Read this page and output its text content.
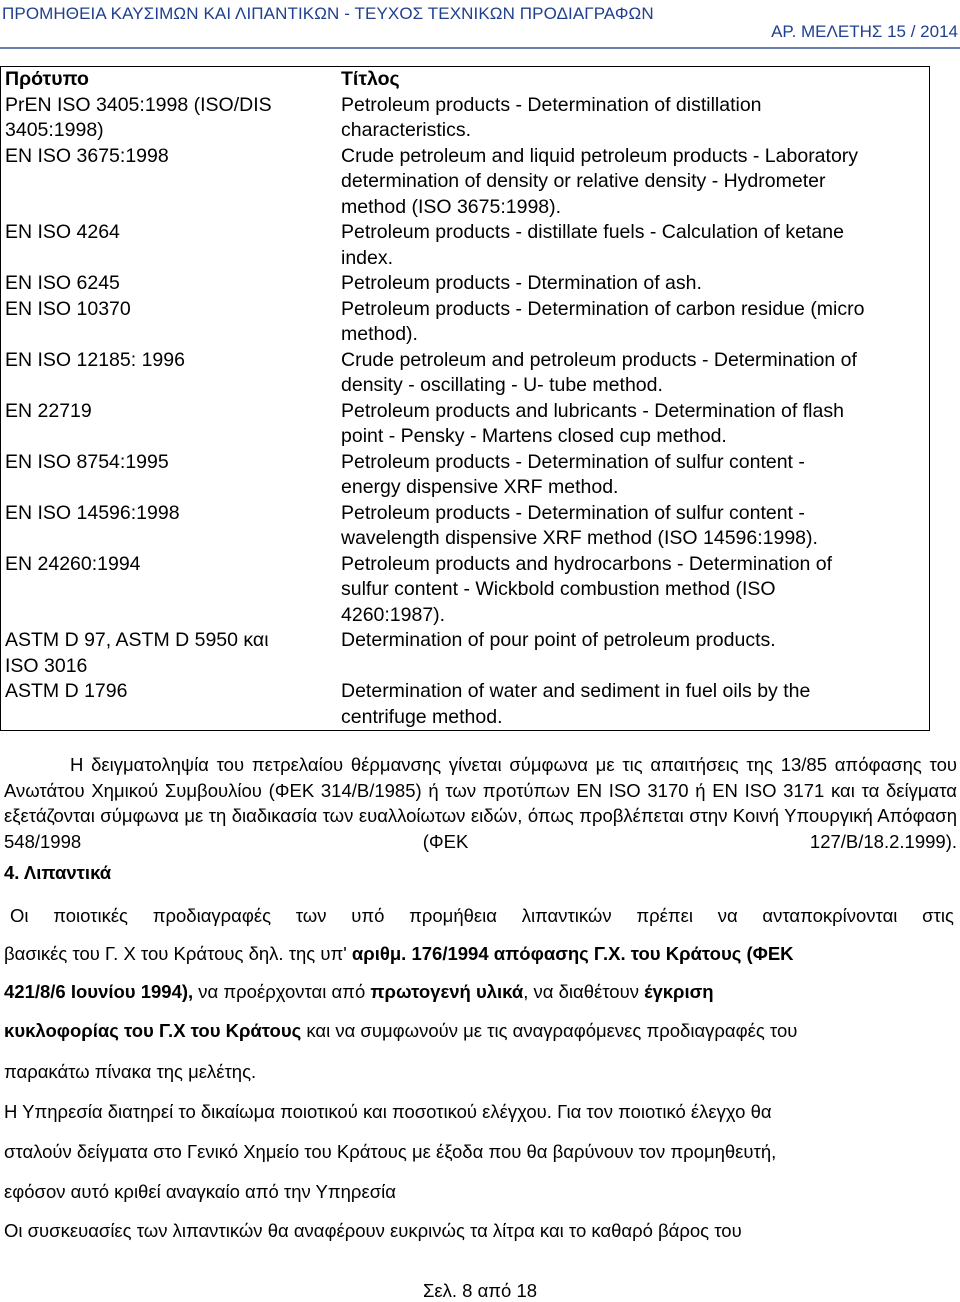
ΠΡΟΜΗΘΕΙΑ ΚΑΥΣΙΜΩΝ ΚΑΙ ΛΙΠΑΝΤΙΚΩΝ - ΤΕΥΧΟΣ ΤΕΧΝΙΚΩΝ ΠΡΟΔΙΑΓΡΑΦΩΝ
ΑΡ. ΜΕΛΕΤΗΣ 15 / 2014
Πρότυπο	Τίτλος
PrEN ISO 3405:1998 (ISO/DIS
3405:1998)	Petroleum products - Determination of distillation
characteristics.
EN ISO 3675:1998	Crude petroleum and liquid petroleum products - Laboratory
determination of density or relative density - Hydrometer
method (ISO 3675:1998).
EN ISO 4264	Petroleum products - distillate fuels - Calculation of ketane
index.
EN ISO 6245	Petroleum products - Dtermination of ash.
EN ISO 10370	Petroleum products - Determination of carbon residue (micro
method).
EN ISO 12185: 1996	Crude petroleum and petroleum products - Determination of
density - oscillating - U- tube method.
EN 22719	Petroleum products and lubricants - Determination of flash
point - Pensky - Martens closed cup method.
EN ISO 8754:1995	Petroleum products - Determination of sulfur content -
energy dispensive XRF method.
EN ISO 14596:1998	Petroleum products - Determination of sulfur content -
wavelength dispensive XRF method (ISO 14596:1998).
EN 24260:1994	Petroleum products and hydrocarbons - Determination of
sulfur content - Wickbold combustion method (ISO
4260:1987).
ASTM D 97, ASTM D 5950 και
ISO 3016	Determination of pour point of petroleum products.
ASTM D 1796	Determination of water and sediment in fuel oils by the
centrifuge method.
Η δειγματοληψία του πετρελαίου θέρμανσης γίνεται σύμφωνα με τις απαιτήσεις της 13/85 απόφασης του Ανωτάτου Χημικού Συμβουλίου (ΦΕΚ 314/Β/1985) ή των προτύπων EN ISO 3170 ή EN ISO 3171 και τα δείγματα εξετάζονται σύμφωνα με τη διαδικασία των ευαλλοίωτων ειδών, όπως προβλέπεται στην Κοινή Υπουργική Απόφαση 548/1998 (ΦΕΚ 127/Β/18.2.1999).
4. Λιπαντικά
Οι ποιοτικές προδιαγραφές των υπό προμήθεια λιπαντικών πρέπει να ανταποκρίνονται στις
βασικές του Γ. Χ του Κράτους δηλ. της υπ' αριθμ. 176/1994 απόφασης Γ.Χ. του Κράτους (ΦΕΚ
421/8/6 Ιουνίου 1994), να προέρχονται από πρωτογενή υλικά, να διαθέτουν έγκριση
κυκλοφορίας του Γ.Χ του Κράτους και να συμφωνούν με τις αναγραφόμενες προδιαγραφές του
παρακάτω πίνακα της μελέτης.
Η Υπηρεσία διατηρεί το δικαίωμα ποιοτικού και ποσοτικού ελέγχου. Για τον ποιοτικό έλεγχο θα
σταλούν δείγματα στο Γενικό Χημείο του Κράτους με έξοδα που θα βαρύνουν τον προμηθευτή,
εφόσον αυτό κριθεί αναγκαίο από την Υπηρεσία
Οι συσκευασίες των λιπαντικών θα αναφέρουν ευκρινώς τα λίτρα και το καθαρό βάρος του
Σελ. 8 από 18
